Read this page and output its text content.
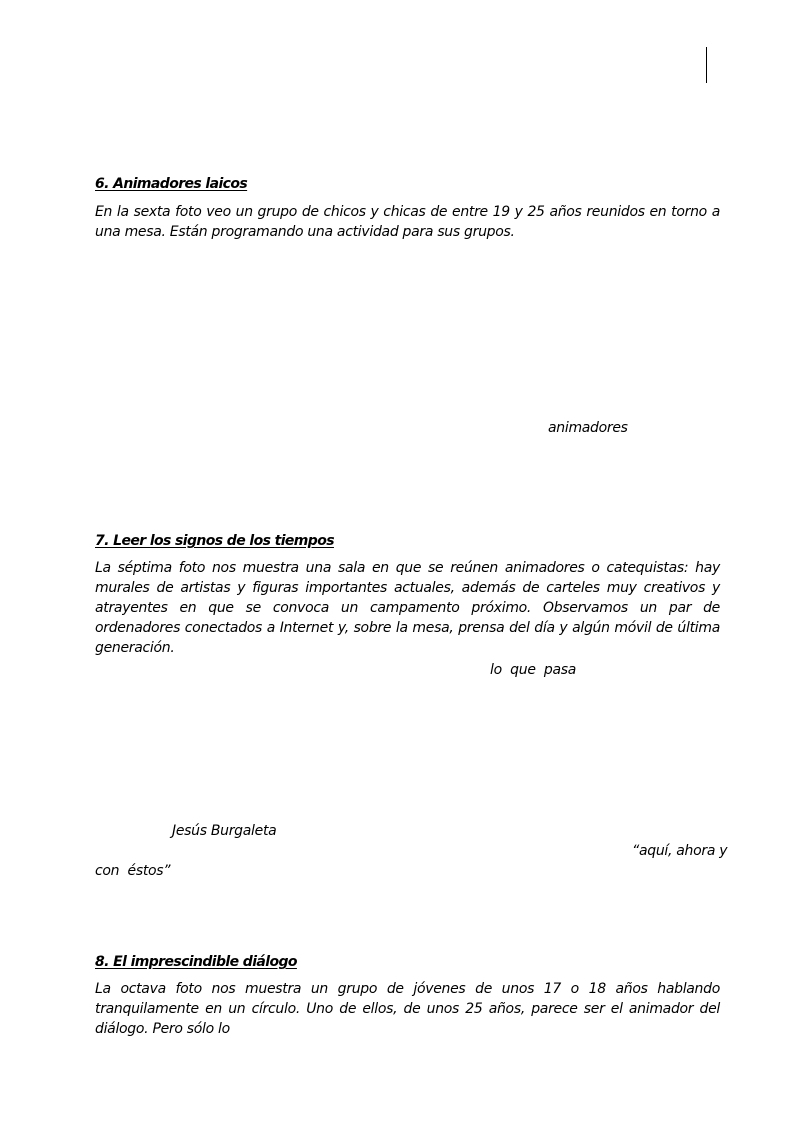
6. Animadores laicos
En la sexta foto veo un grupo de chicos y chicas de entre 19 y 25 años reunidos en torno a una mesa. Están programando una actividad para sus grupos.
animadores
7. Leer los signos de los tiempos
La séptima foto nos muestra una sala en que se reúnen animadores o catequistas: hay murales de artistas y figuras importantes actuales, además de carteles muy creativos y atrayentes en que se convoca un campamento próximo. Observamos un par de ordenadores conectados a Internet y, sobre la mesa, prensa del día y algún móvil de última generación.
lo  que  pasa
Jesús Burgaleta
“aquí, ahora y
con  éstos”
8. El imprescindible diálogo
La octava foto nos muestra un grupo de jóvenes de unos 17 o 18 años hablando tranquilamente en un círculo. Uno de ellos, de unos 25 años, parece ser el animador del diálogo. Pero sólo lo
